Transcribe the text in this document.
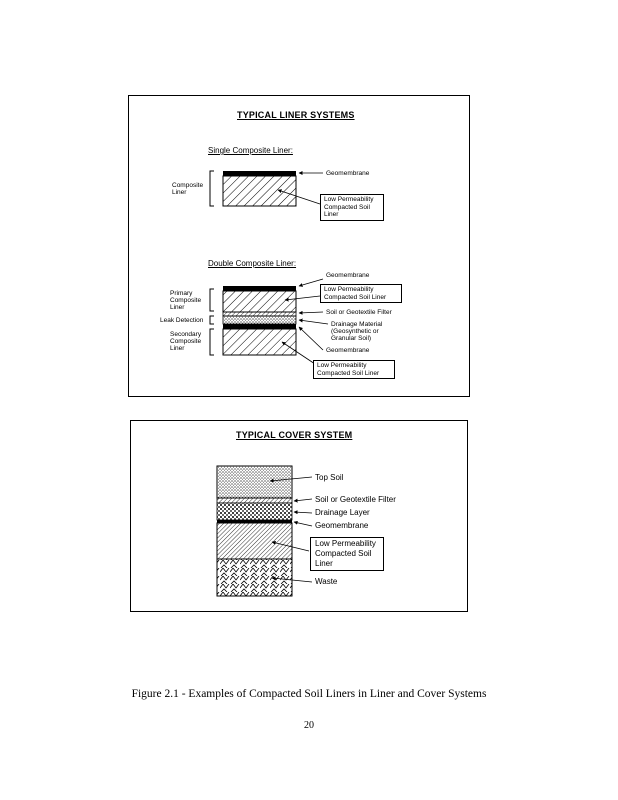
TYPICAL LINER SYSTEMS
Single Composite Liner:
Composite Liner
Geomembrane
Low Permeability Compacted Soil Liner
Double Composite Liner:
Geomembrane
Primary Composite Liner
Low Permeability Compacted Soil Liner
Soil or Geotextile Filter
Leak Detection
Drainage Material (Geosynthetic or Granular Soil)
Secondary Composite Liner	Geomembrane
Low Permeability Compacted Soil Liner
TYPICAL COVER SYSTEM
Top Soil
Soil or Geotextile Filter
Drainage Layer
Geomembrane
Low Permeability Compacted Soil Liner
Waste
Figure 2.1 - Examples of Compacted Soil Liners in Liner and Cover Systems
20
